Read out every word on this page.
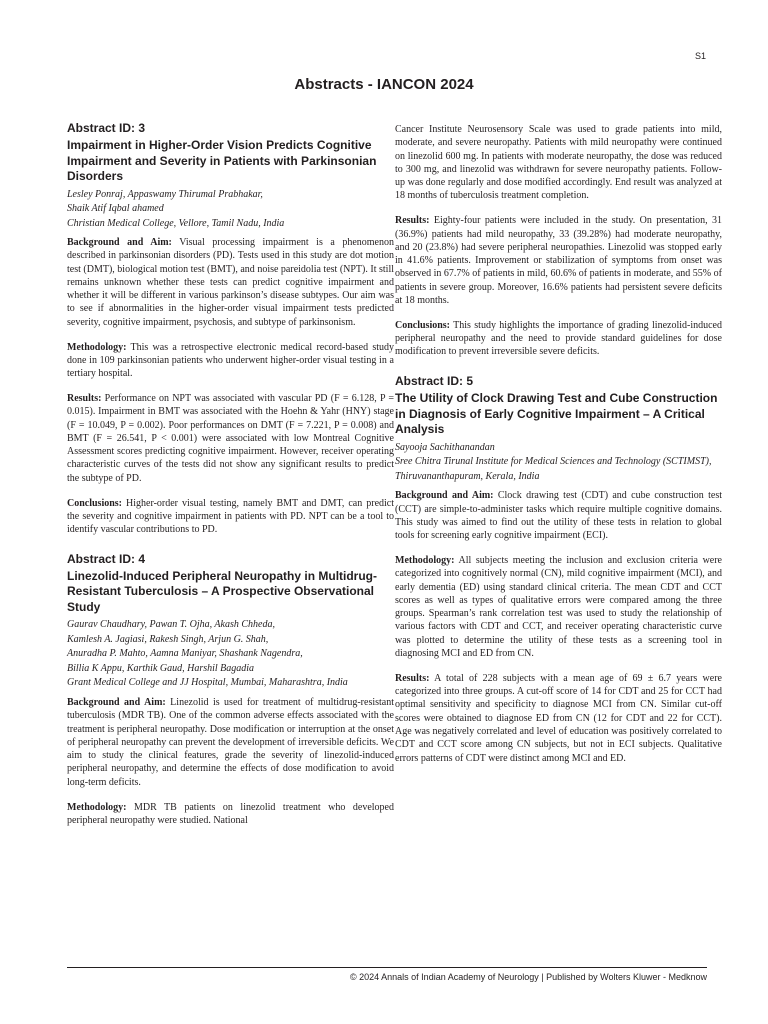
S1
Abstracts - IANCON 2024
Abstract ID: 3
Impairment in Higher-Order Vision Predicts Cognitive Impairment and Severity in Patients with Parkinsonian Disorders
Lesley Ponraj, Appaswamy Thirumal Prabhakar,
Shaik Atif Iqbal ahamed
Christian Medical College, Vellore, Tamil Nadu, India

Background and Aim: Visual processing impairment is a phenomenon described in parkinsonian disorders (PD). Tests used in this study are dot motion test (DMT), biological motion test (BMT), and noise pareidolia test (NPT). It still remains unknown whether these tests can predict cognitive impairment and whether it will be different in various parkinson’s disease subtypes. Our aim was to see if abnormalities in the higher-order visual impairment tests predicted severity, cognitive impairment, psychosis, and subtype of parkinsonism.

Methodology: This was a retrospective electronic medical record-based study done in 109 parkinsonian patients who underwent higher-order visual testing in a tertiary hospital.

Results: Performance on NPT was associated with vascular PD (F = 6.128, P = 0.015). Impairment in BMT was associated with the Hoehn & Yahr (HNY) stage (F = 10.049, P = 0.002). Poor performances on DMT (F = 7.221, P = 0.008) and BMT (F = 26.541, P < 0.001) were associated with low Montreal Cognitive Assessment scores predicting cognitive impairment. However, receiver operating characteristic curves of the tests did not show any significant results to predict the subtype of PD.

Conclusions: Higher-order visual testing, namely BMT and DMT, can predict the severity and cognitive impairment in patients with PD. NPT can be a tool to identify vascular contributions to PD.

Abstract ID: 4
Linezolid-Induced Peripheral Neuropathy in Multidrug-Resistant Tuberculosis – A Prospective Observational Study
Gaurav Chaudhary, Pawan T. Ojha, Akash Chheda,
Kamlesh A. Jagiasi, Rakesh Singh, Arjun G. Shah,
Anuradha P. Mahto, Aamna Maniyar, Shashank Nagendra,
Billia K Appu, Karthik Gaud, Harshil Bagadia
Grant Medical College and JJ Hospital, Mumbai, Maharashtra, India

Background and Aim: Linezolid is used for treatment of multidrug-resistant tuberculosis (MDR TB). One of the common adverse effects associated with the treatment is peripheral neuropathy. Dose modification or interruption at the onset of peripheral neuropathy can prevent the development of irreversible deficits. We aim to study the clinical features, grade the severity of linezolid-induced peripheral neuropathy, and determine the effects of dose modification to avoid long-term deficits.

Methodology: MDR TB patients on linezolid treatment who developed peripheral neuropathy were studied. National

Cancer Institute Neurosensory Scale was used to grade patients into mild, moderate, and severe neuropathy. Patients with mild neuropathy were continued on linezolid 600 mg. In patients with moderate neuropathy, the dose was reduced to 300 mg, and linezolid was withdrawn for severe neuropathy patients. Follow-up was done regularly and dose modified accordingly. End result was analyzed at 18 months of tuberculosis treatment completion.

Results: Eighty-four patients were included in the study. On presentation, 31 (36.9%) patients had mild neuropathy, 33 (39.28%) had moderate neuropathy, and 20 (23.8%) had severe peripheral neuropathies. Linezolid was stopped early in 41.6% patients. Improvement or stabilization of symptoms from onset was observed in 67.7% of patients in mild, 60.6% of patients in moderate, and 55% of patients in severe group. Moreover, 16.6% patients had persistent severe deficits at 18 months.

Conclusions: This study highlights the importance of grading linezolid-induced peripheral neuropathy and the need to provide standard guidelines for dose modification to prevent irreversible severe deficits.

Abstract ID: 5
The Utility of Clock Drawing Test and Cube Construction in Diagnosis of Early Cognitive Impairment – A Critical Analysis
Sayooja Sachithanandan
Sree Chitra Tirunal Institute for Medical Sciences and Technology (SCTIMST), Thiruvananthapuram, Kerala, India

Background and Aim: Clock drawing test (CDT) and cube construction test (CCT) are simple-to-administer tasks which require multiple cognitive domains. This study was aimed to find out the utility of these tests in relation to global tools for screening early cognitive impairment (ECI).

Methodology: All subjects meeting the inclusion and exclusion criteria were categorized into cognitively normal (CN), mild cognitive impairment (MCI), and early dementia (ED) using standard clinical criteria. The mean CDT and CCT scores as well as types of qualitative errors were compared among the three groups. Spearman’s rank correlation test was used to study the relationship of various factors with CDT and CCT, and receiver operating characteristic curve was plotted to determine the utility of these tests as a screening tool in diagnosing MCI and ED from CN.

Results: A total of 228 subjects with a mean age of 69 ± 6.7 years were categorized into three groups. A cut-off score of 14 for CDT and 25 for CCT had optimal sensitivity and specificity to diagnose MCI from CN. Similar cut-off scores were obtained to diagnose ED from CN (12 for CDT and 22 for CCT). Age was negatively correlated and level of education was positively correlated to CDT and CCT score among CN subjects, but not in ECI subjects. Qualitative errors patterns of CDT were distinct among MCI and ED.

© 2024 Annals of Indian Academy of Neurology | Published by Wolters Kluwer - Medknow
